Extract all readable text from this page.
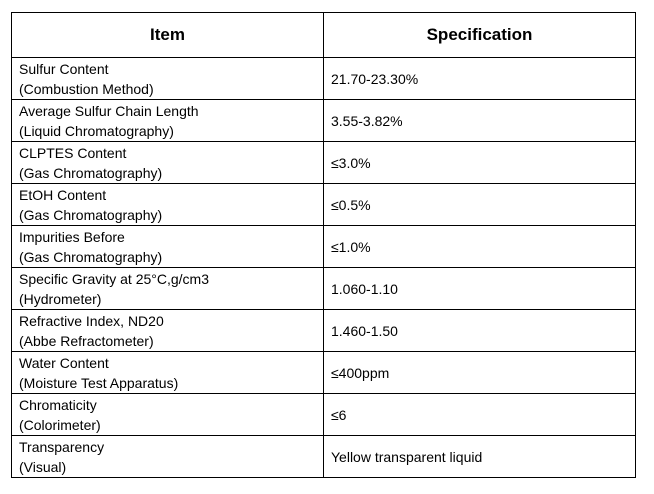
Item	Specification

Sulfur Content
(Combustion Method)	21.70-23.30%

Average Sulfur Chain Length
(Liquid Chromatography)	3.55-3.82%

CLPTES Content
(Gas Chromatography)	≤3.0%

EtOH Content
(Gas Chromatography)	≤0.5%

Impurities Before
(Gas Chromatography)	≤1.0%

Specific Gravity at 25°C,g/cm3
(Hydrometer)	1.060-1.10

Refractive Index, ND20
(Abbe Refractometer)	1.460-1.50

Water Content
(Moisture Test Apparatus)	≤400ppm

Chromaticity
(Colorimeter)	≤6

Transparency
(Visual)	Yellow transparent liquid
